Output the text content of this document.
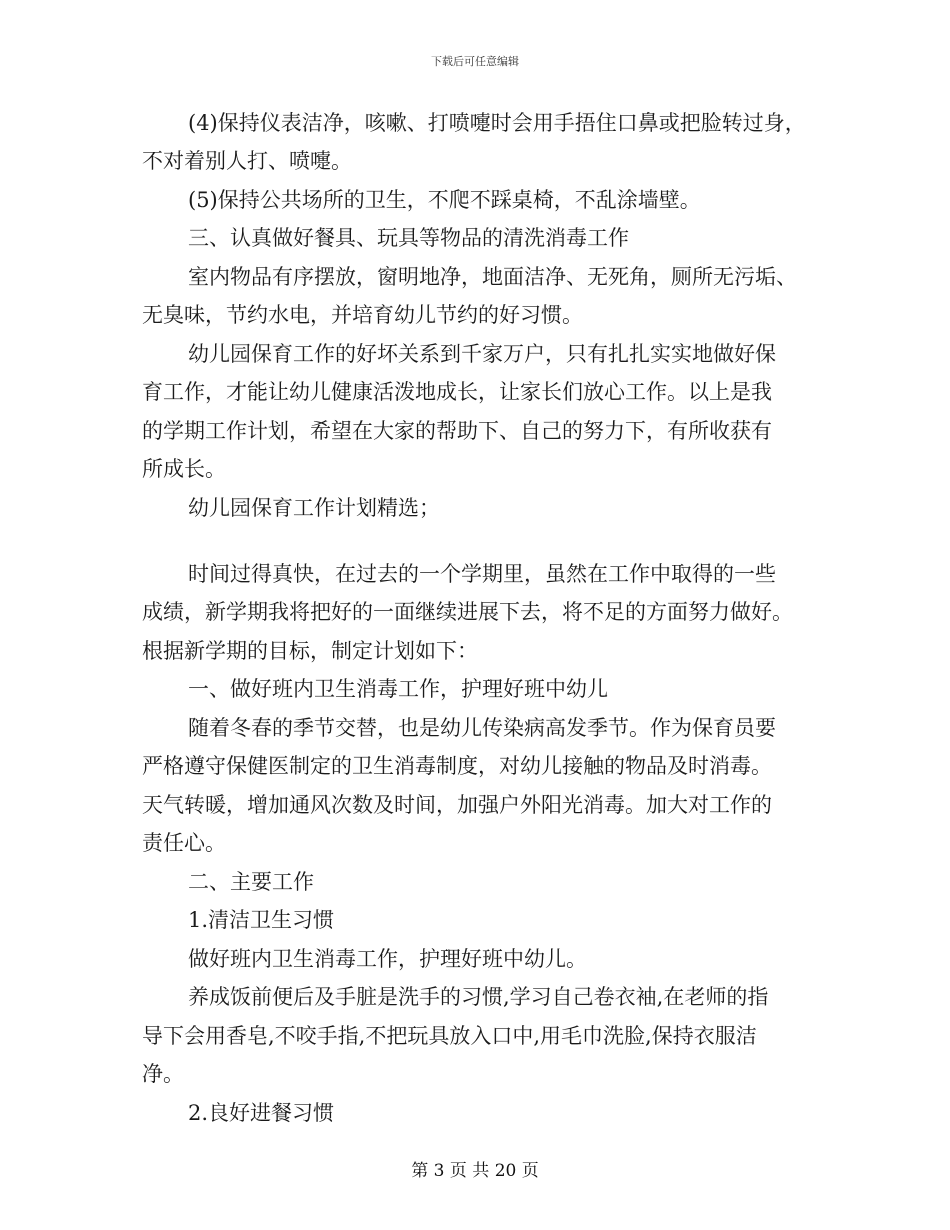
下载后可任意编辑
(4)保持仪表洁净，咳嗽、打喷嚏时会用手捂住口鼻或把脸转过身，
不对着别人打、喷嚏。
(5)保持公共场所的卫生，不爬不踩桌椅，不乱涂墙壁。
三、认真做好餐具、玩具等物品的清洗消毒工作
室内物品有序摆放，窗明地净，地面洁净、无死角，厕所无污垢、
无臭味，节约水电，并培育幼儿节约的好习惯。
幼儿园保育工作的好坏关系到千家万户，只有扎扎实实地做好保
育工作，才能让幼儿健康活泼地成长，让家长们放心工作。以上是我
的学期工作计划，希望在大家的帮助下、自己的努力下，有所收获有
所成长。
幼儿园保育工作计划精选；
时间过得真快，在过去的一个学期里，虽然在工作中取得的一些
成绩，新学期我将把好的一面继续进展下去，将不足的方面努力做好。
根据新学期的目标，制定计划如下：
一、做好班内卫生消毒工作，护理好班中幼儿
随着冬春的季节交替，也是幼儿传染病高发季节。作为保育员要
严格遵守保健医制定的卫生消毒制度，对幼儿接触的物品及时消毒。
天气转暖，增加通风次数及时间，加强户外阳光消毒。加大对工作的
责任心。
二、主要工作
1.清洁卫生习惯
做好班内卫生消毒工作，护理好班中幼儿。
养成饭前便后及手脏是洗手的习惯,学习自己卷衣袖,在老师的指
导下会用香皂,不咬手指,不把玩具放入口中,用毛巾洗脸,保持衣服洁
净。
2.良好进餐习惯
第 3 页 共 20 页
